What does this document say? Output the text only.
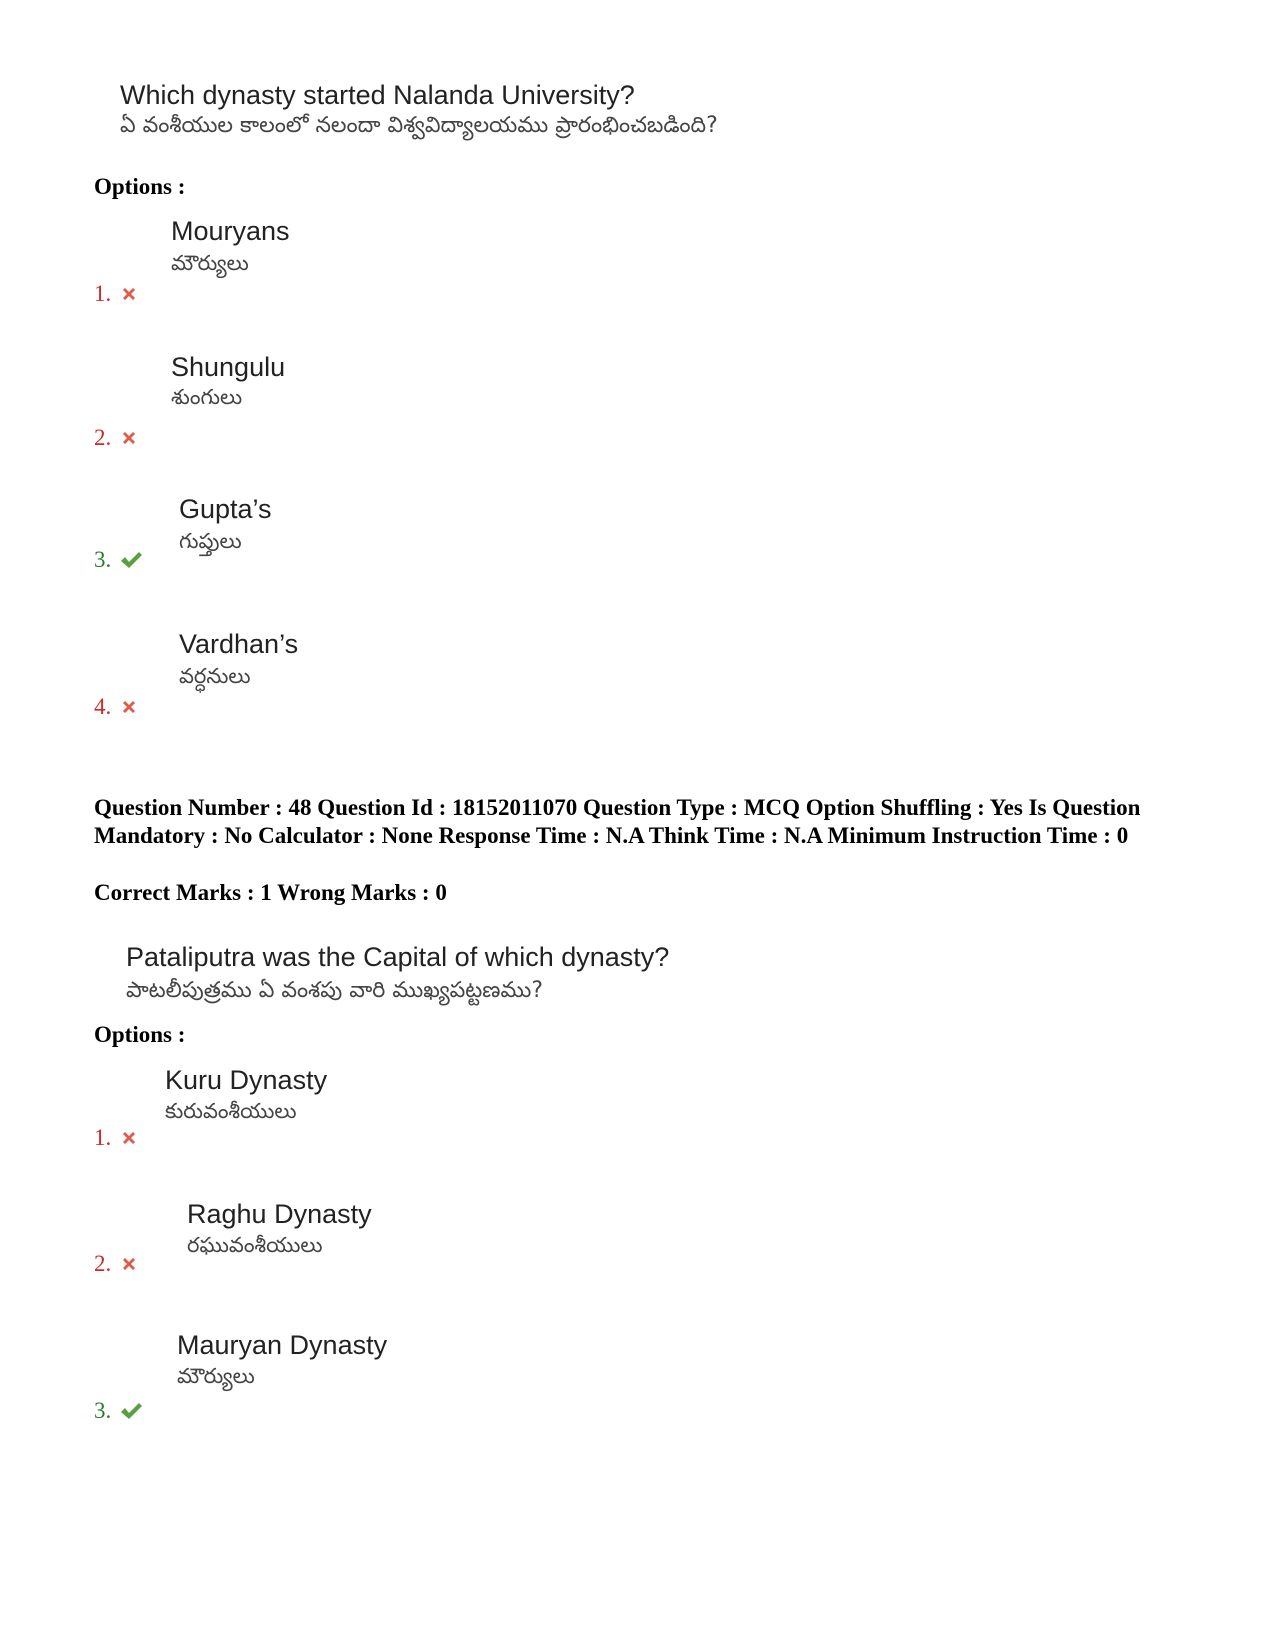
Which dynasty started Nalanda University?
ఏ వంశీయుల కాలంలో నలందా విశ్వవిద్యాలయము ప్రారంభించబడింది?
Options :
Mouryans
మౌర్యులు
1.
Shungulu
శుంగులు
2.
Gupta’s
గుప్తులు
3.
Vardhan’s
వర్ధనులు
4.
Question Number : 48 Question Id : 18152011070 Question Type : MCQ Option Shuffling : Yes Is Question Mandatory : No Calculator : None Response Time : N.A Think Time : N.A Minimum Instruction Time : 0
Correct Marks : 1 Wrong Marks : 0
Pataliputra was the Capital of which dynasty?
పాటలీపుత్రము ఏ వంశపు వారి ముఖ్యపట్టణము?
Options :
Kuru Dynasty
కురువంశీయులు
1.
Raghu Dynasty
రఘువంశీయులు
2.
Mauryan Dynasty
మౌర్యులు
3.
